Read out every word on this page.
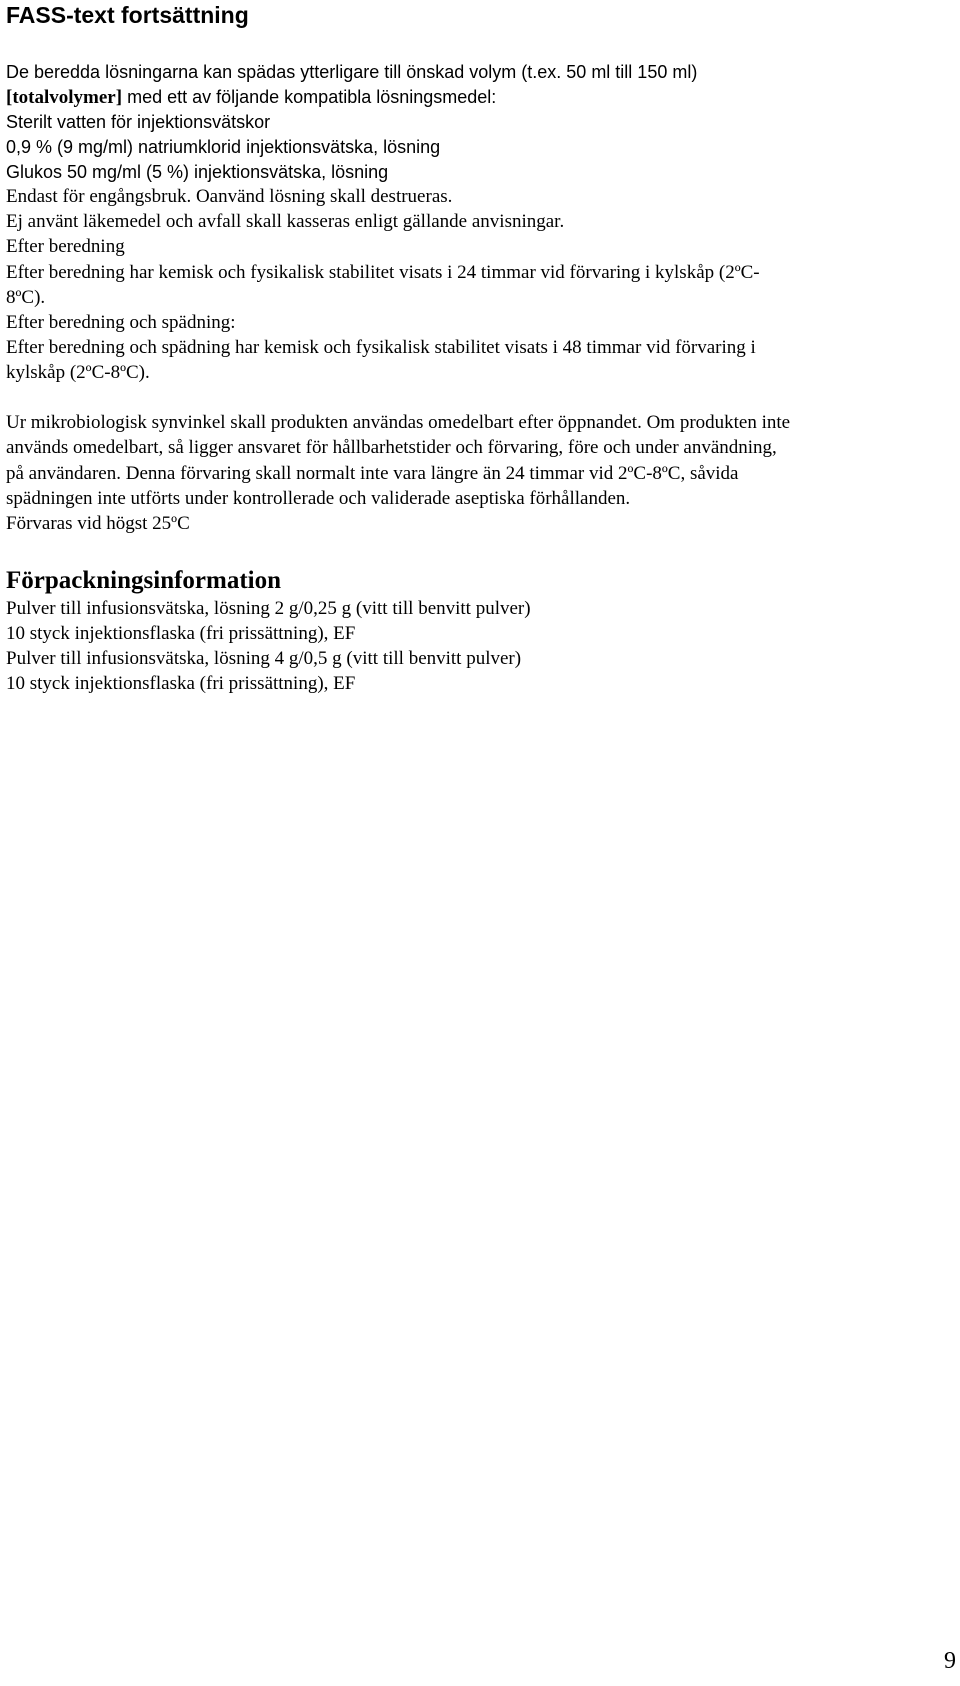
FASS-text fortsättning

De beredda lösningarna kan spädas ytterligare till önskad volym (t.ex. 50 ml till 150 ml)

[totalvolymer] med ett av följande kompatibla lösningsmedel:

Sterilt vatten för injektionsvätskor

0,9 % (9 mg/ml) natriumklorid injektionsvätska, lösning

Glukos 50 mg/ml (5 %) injektionsvätska, lösning

Endast för engångsbruk. Oanvänd lösning skall destrueras.

Ej använt läkemedel och avfall skall kasseras enligt gällande anvisningar.

Efter beredning

Efter beredning har kemisk och fysikalisk stabilitet visats i 24 timmar vid förvaring i kylskåp (2ºC-

8ºC).

Efter beredning och spädning:

Efter beredning och spädning har kemisk och fysikalisk stabilitet visats i 48 timmar vid förvaring i

kylskåp (2ºC-8ºC).

Ur mikrobiologisk synvinkel skall produkten användas omedelbart efter öppnandet. Om produkten inte

används omedelbart, så ligger ansvaret för hållbarhetstider och förvaring, före och under användning,

på användaren. Denna förvaring skall normalt inte vara längre än 24 timmar vid 2ºC-8ºC, såvida

spädningen inte utförts under kontrollerade och validerade aseptiska förhållanden.

Förvaras vid högst 25ºC

Förpackningsinformation

Pulver till infusionsvätska, lösning 2 g/0,25 g (vitt till benvitt pulver)

10 styck injektionsflaska (fri prissättning), EF

Pulver till infusionsvätska, lösning 4 g/0,5 g (vitt till benvitt pulver)

10 styck injektionsflaska (fri prissättning), EF

9
